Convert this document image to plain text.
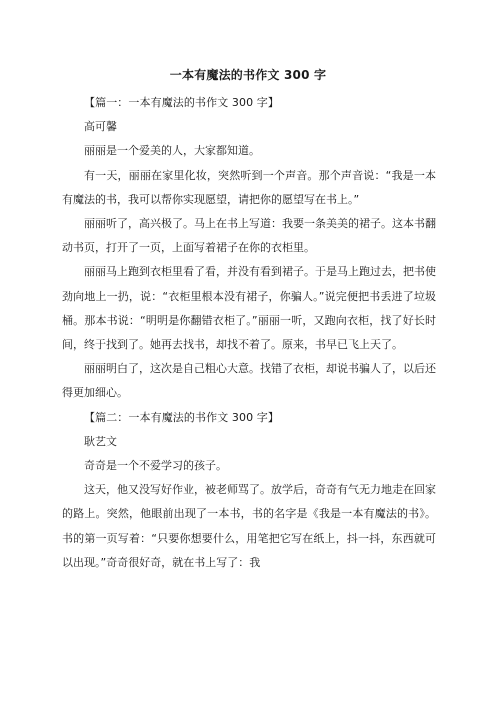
一本有魔法的书作文 300 字

【篇一：一本有魔法的书作文 300 字】

高可馨

丽丽是一个爱美的人，大家都知道。

有一天，丽丽在家里化妆，突然听到一个声音。那个声音说：“我是一本有魔法的书，我可以帮你实现愿望，请把你的愿望写在书上。”

丽丽听了，高兴极了。马上在书上写道：我要一条美美的裙子。这本书翻动书页，打开了一页，上面写着裙子在你的衣柜里。

丽丽马上跑到衣柜里看了看，并没有看到裙子。于是马上跑过去，把书使劲向地上一扔，说：“衣柜里根本没有裙子，你骗人。”说完便把书丢进了垃圾桶。那本书说：“明明是你翻错衣柜了。”丽丽一听，又跑向衣柜，找了好长时间，终于找到了。她再去找书，却找不着了。原来，书早已飞上天了。

丽丽明白了，这次是自己粗心大意。找错了衣柜，却说书骗人了，以后还得更加细心。

【篇二：一本有魔法的书作文 300 字】

耿艺文

奇奇是一个不爱学习的孩子。

这天，他又没写好作业，被老师骂了。放学后，奇奇有气无力地走在回家的路上。突然，他眼前出现了一本书，书的名字是《我是一本有魔法的书》。书的第一页写着：“只要你想要什么，用笔把它写在纸上，抖一抖，东西就可以出现。”奇奇很好奇，就在书上写了：我
